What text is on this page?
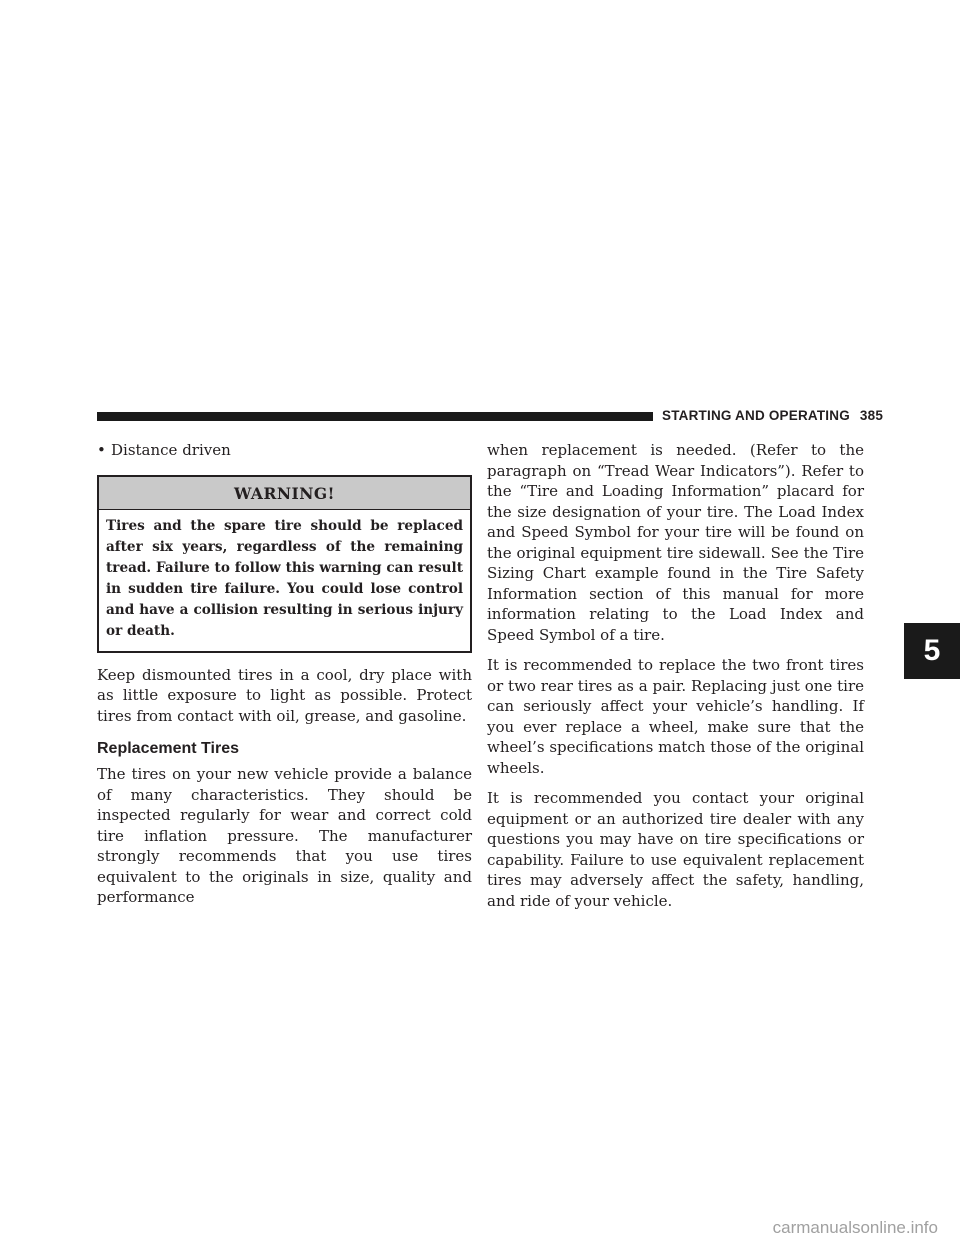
STARTING AND OPERATING 385
• Distance driven
WARNING!
Tires and the spare tire should be replaced after six years, regardless of the remaining tread. Failure to follow this warning can result in sudden tire failure. You could lose control and have a collision resulting in serious injury or death.

Keep dismounted tires in a cool, dry place with as little exposure to light as possible. Protect tires from contact with oil, grease, and gasoline.

Replacement Tires

The tires on your new vehicle provide a balance of many characteristics. They should be inspected regularly for wear and correct cold tire inflation pressure. The manufacturer strongly recommends that you use tires equivalent to the originals in size, quality and performance

when replacement is needed. (Refer to the paragraph on “Tread Wear Indicators”). Refer to the “Tire and Loading Information” placard for the size designation of your tire. The Load Index and Speed Symbol for your tire will be found on the original equipment tire sidewall. See the Tire Sizing Chart example found in the Tire Safety Information section of this manual for more information relating to the Load Index and Speed Symbol of a tire.

It is recommended to replace the two front tires or two rear tires as a pair. Replacing just one tire can seriously affect your vehicle’s handling. If you ever replace a wheel, make sure that the wheel’s specifications match those of the original wheels.

It is recommended you contact your original equipment or an authorized tire dealer with any questions you may have on tire specifications or capability. Failure to use equivalent replacement tires may adversely affect the safety, handling, and ride of your vehicle.

5
carmanualsonline.info
